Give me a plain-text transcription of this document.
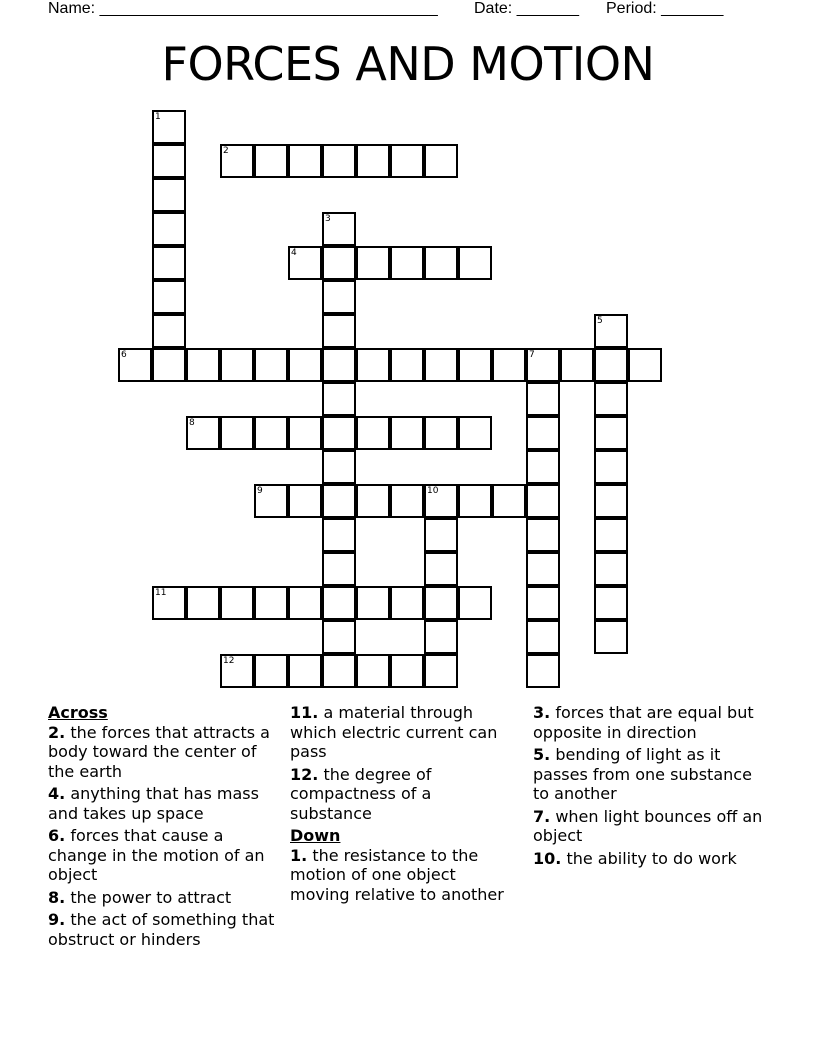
Name: ______________________________________ Date: _______ Period: _______
FORCES AND MOTION
1
2
3
4
5
6	7
8
9	10
11
12
Across
2. the forces that attracts a body toward the center of the earth
4. anything that has mass and takes up space
6. forces that cause a change in the motion of an object
8. the power to attract
9. the act of something that obstruct or hinders
11. a material through which electric current can pass
12. the degree of compactness of a substance
Down
1. the resistance to the motion of one object moving relative to another
3. forces that are equal but opposite in direction
5. bending of light as it passes from one substance to another
7. when light bounces off an object
10. the ability to do work
